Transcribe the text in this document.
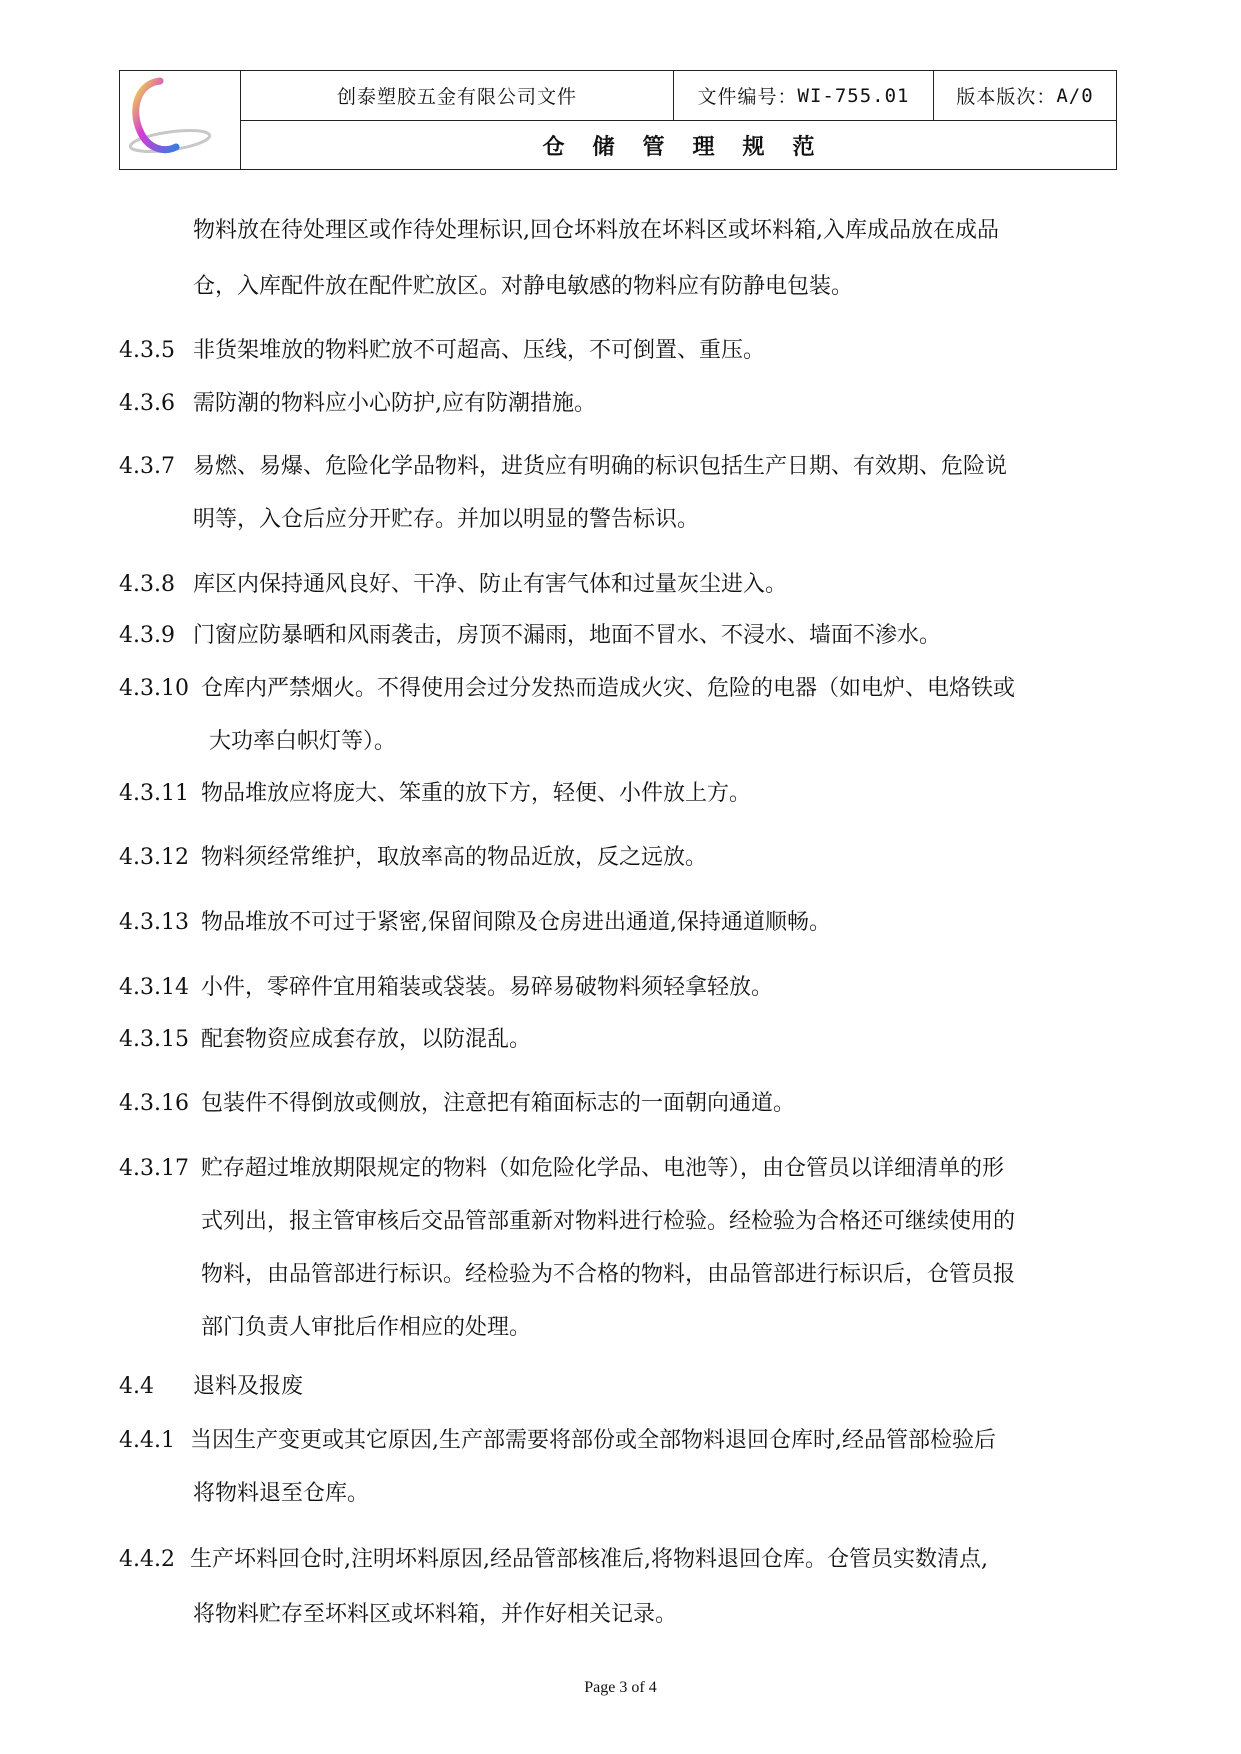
创泰塑胶五金有限公司文件	文件编号： WI-755.01 版本版次： A/0
仓储管理规范
物料放在待处理区或作待处理标识,回仓坏料放在坏料区或坏料箱,入库成品放在成品
仓，入库配件放在配件贮放区。对静电敏感的物料应有防静电包装。
4.3.5 非货架堆放的物料贮放不可超高、压线，不可倒置、重压。
4.3.6 需防潮的物料应小心防护,应有防潮措施。
4.3.7 易燃、易爆、危险化学品物料，进货应有明确的标识包括生产日期、有效期、危险说
明等，入仓后应分开贮存。并加以明显的警告标识。
4.3.8 库区内保持通风良好、干净、防止有害气体和过量灰尘进入。
4.3.9 门窗应防暴晒和风雨袭击，房顶不漏雨，地面不冒水、不浸水、墙面不渗水。
4.3.10 仓库内严禁烟火。不得使用会过分发热而造成火灾、危险的电器（如电炉、电烙铁或
大功率白帜灯等）。
4.3.11 物品堆放应将庞大、笨重的放下方，轻便、小件放上方。
4.3.12 物料须经常维护，取放率高的物品近放，反之远放。
4.3.13 物品堆放不可过于紧密,保留间隙及仓房进出通道,保持通道顺畅。
4.3.14 小件，零碎件宜用箱装或袋装。易碎易破物料须轻拿轻放。
4.3.15 配套物资应成套存放，以防混乱。
4.3.16 包装件不得倒放或侧放，注意把有箱面标志的一面朝向通道。
4.3.17 贮存超过堆放期限规定的物料（如危险化学品、电池等），由仓管员以详细清单的形
式列出，报主管审核后交品管部重新对物料进行检验。经检验为合格还可继续使用的
物料，由品管部进行标识。经检验为不合格的物料，由品管部进行标识后，仓管员报
部门负责人审批后作相应的处理。
4.4 退料及报废
4.4.1 当因生产变更或其它原因,生产部需要将部份或全部物料退回仓库时,经品管部检验后
将物料退至仓库。
4.4.2 生产坏料回仓时,注明坏料原因,经品管部核准后,将物料退回仓库。仓管员实数清点,
将物料贮存至坏料区或坏料箱，并作好相关记录。
Page 3 of 4
